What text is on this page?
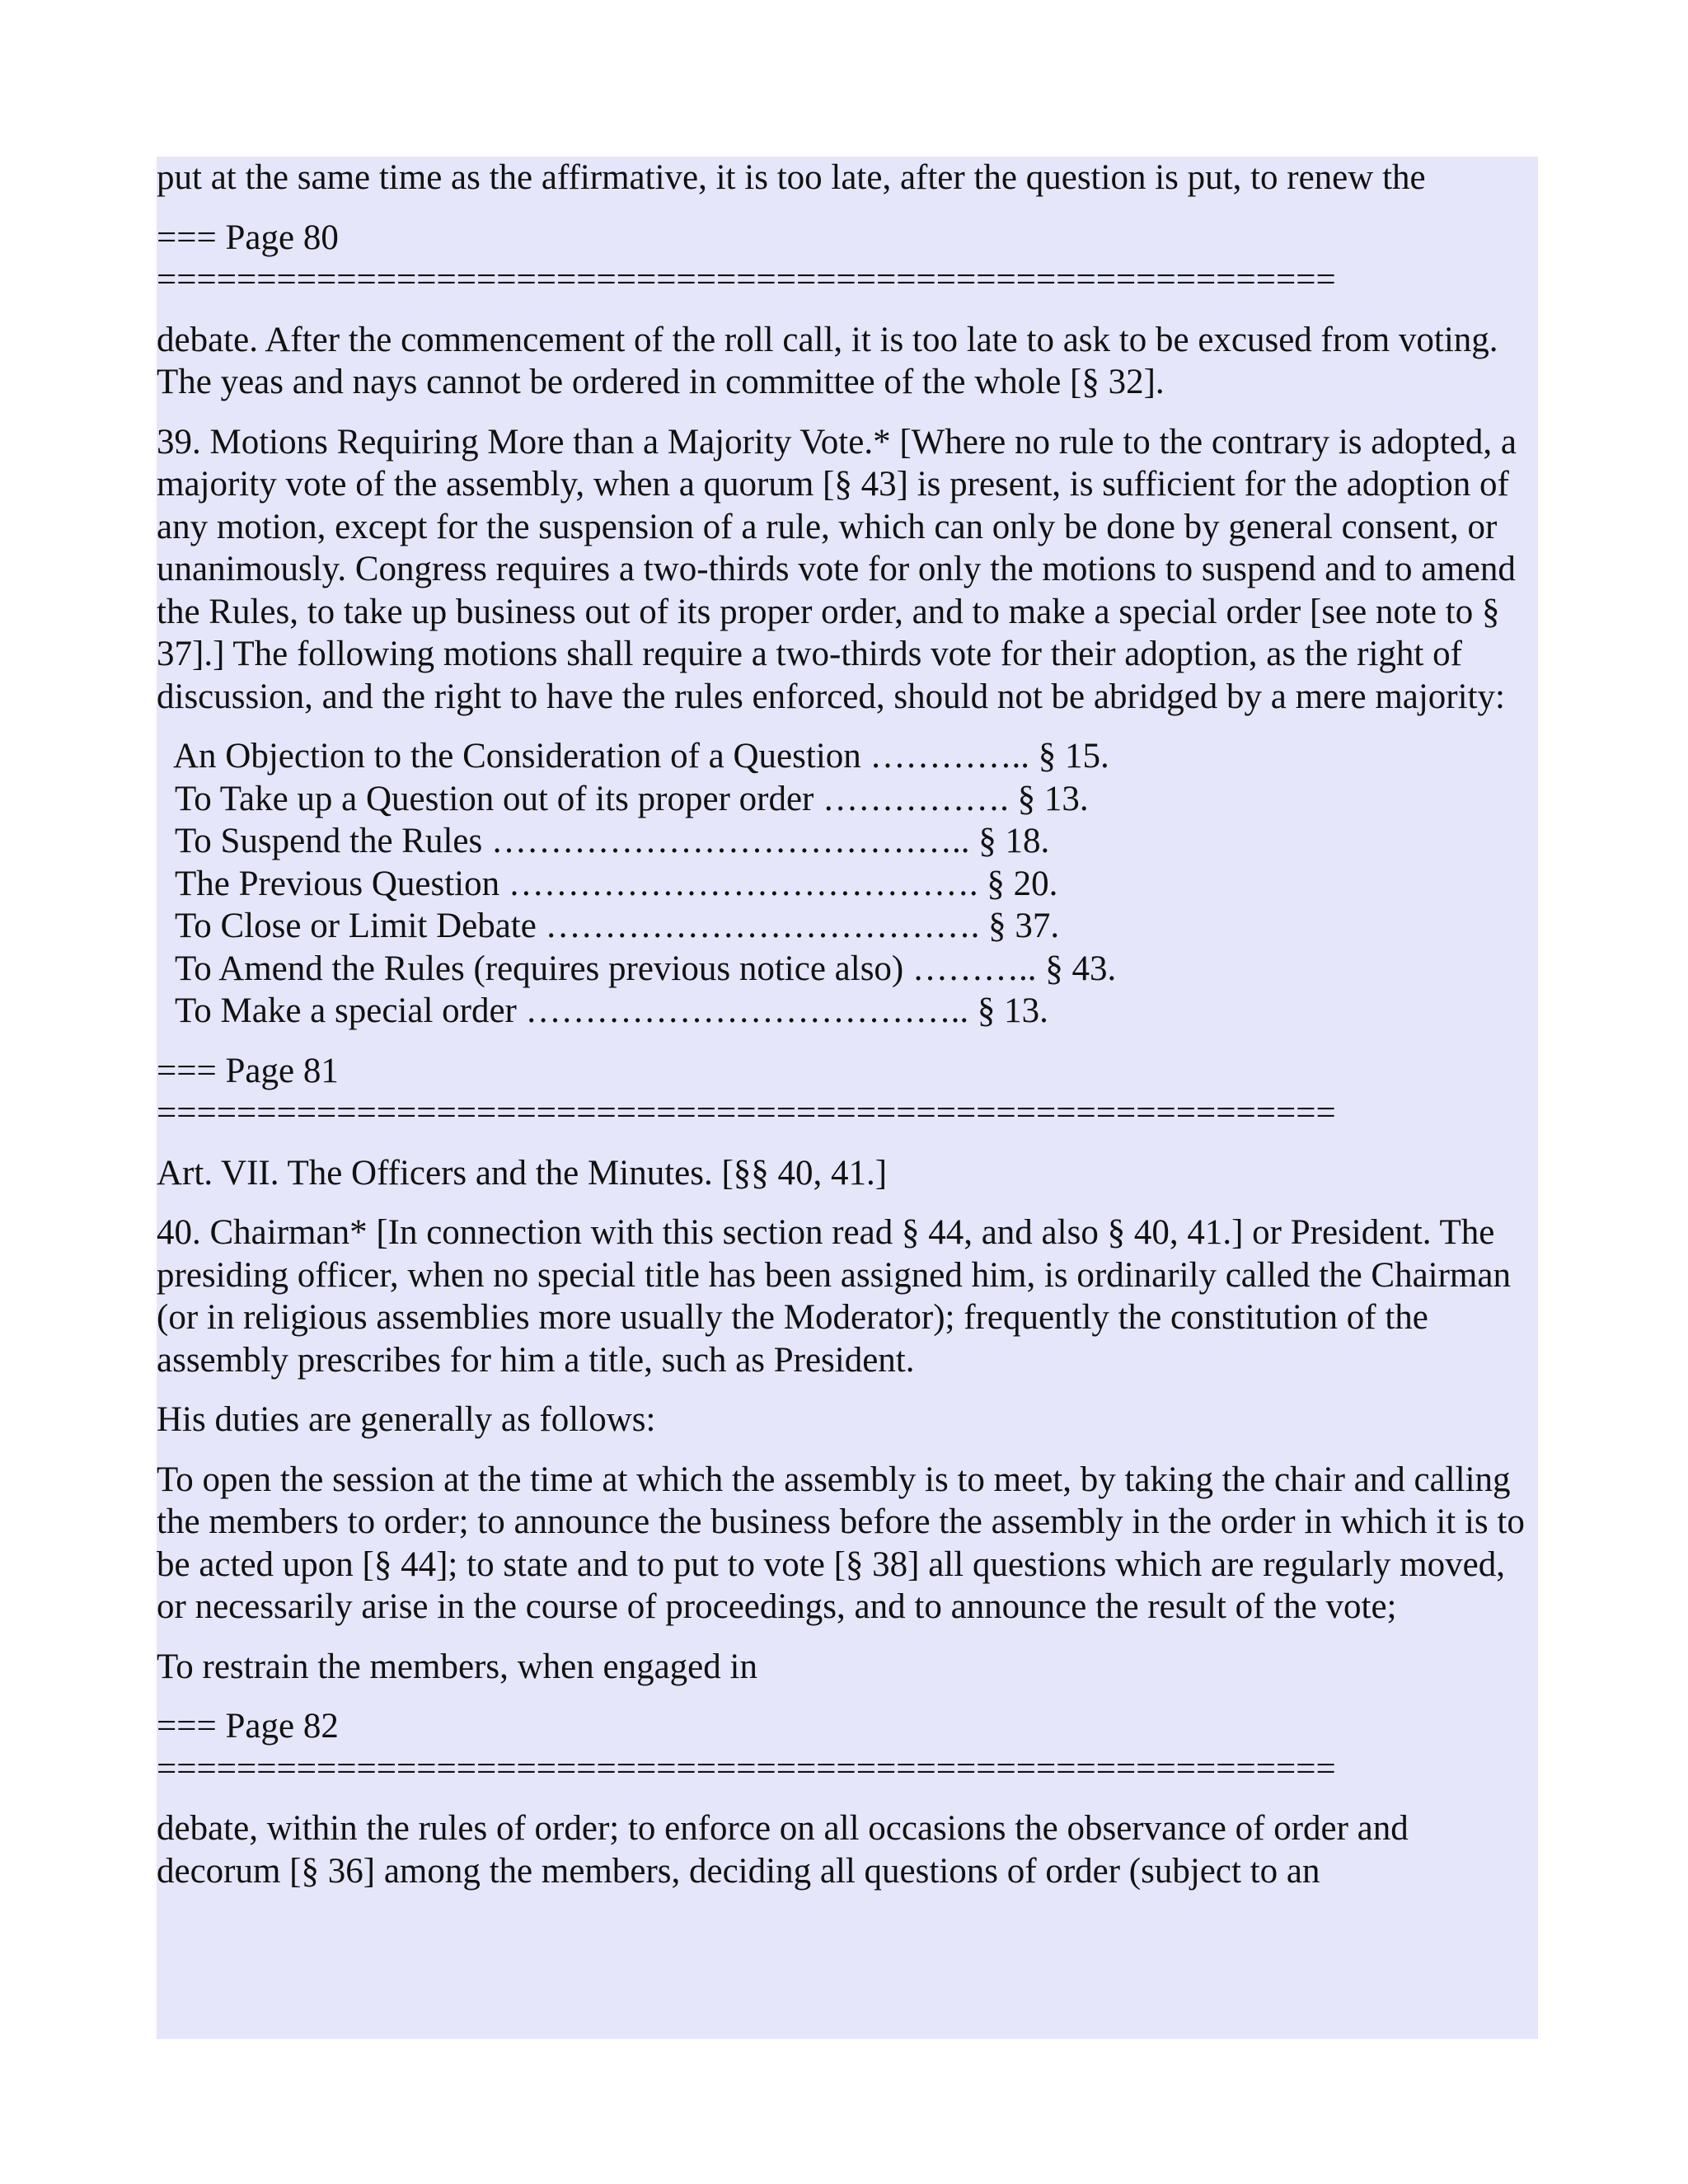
put at the same time as the affirmative, it is too late, after the question is put, to renew the

=== Page 80
===========================================================

debate. After the commencement of the roll call, it is too late to ask to be excused from voting. The yeas and nays cannot be ordered in committee of the whole [§ 32].

39. Motions Requiring More than a Majority Vote.* [Where no rule to the contrary is adopted, a majority vote of the assembly, when a quorum [§ 43] is present, is sufficient for the adoption of any motion, except for the suspension of a rule, which can only be done by general consent, or unanimously. Congress requires a two-thirds vote for only the motions to suspend and to amend the Rules, to take up business out of its proper order, and to make a special order [see note to § 37].] The following motions shall require a two-thirds vote for their adoption, as the right of discussion, and the right to have the rules enforced, should not be abridged by a mere majority:

An Objection to the Consideration of a Question ………….. § 15.
To Take up a Question out of its proper order ……………. § 13.
To Suspend the Rules ………………………………….. § 18.
The Previous Question …………………………………. § 20.
To Close or Limit Debate ………………………………. § 37.
To Amend the Rules (requires previous notice also) ……….. § 43.
To Make a special order ……………………………….. § 13.
=== Page 81
===========================================================

Art. VII. The Officers and the Minutes. [§§ 40, 41.]

40. Chairman* [In connection with this section read § 44, and also § 40, 41.] or President. The presiding officer, when no special title has been assigned him, is ordinarily called the Chairman (or in religious assemblies more usually the Moderator); frequently the constitution of the assembly prescribes for him a title, such as President.

His duties are generally as follows:

To open the session at the time at which the assembly is to meet, by taking the chair and calling the members to order; to announce the business before the assembly in the order in which it is to be acted upon [§ 44]; to state and to put to vote [§ 38] all questions which are regularly moved, or necessarily arise in the course of proceedings, and to announce the result of the vote;

To restrain the members, when engaged in

=== Page 82
===========================================================

debate, within the rules of order; to enforce on all occasions the observance of order and decorum [§ 36] among the members, deciding all questions of order (subject to an
